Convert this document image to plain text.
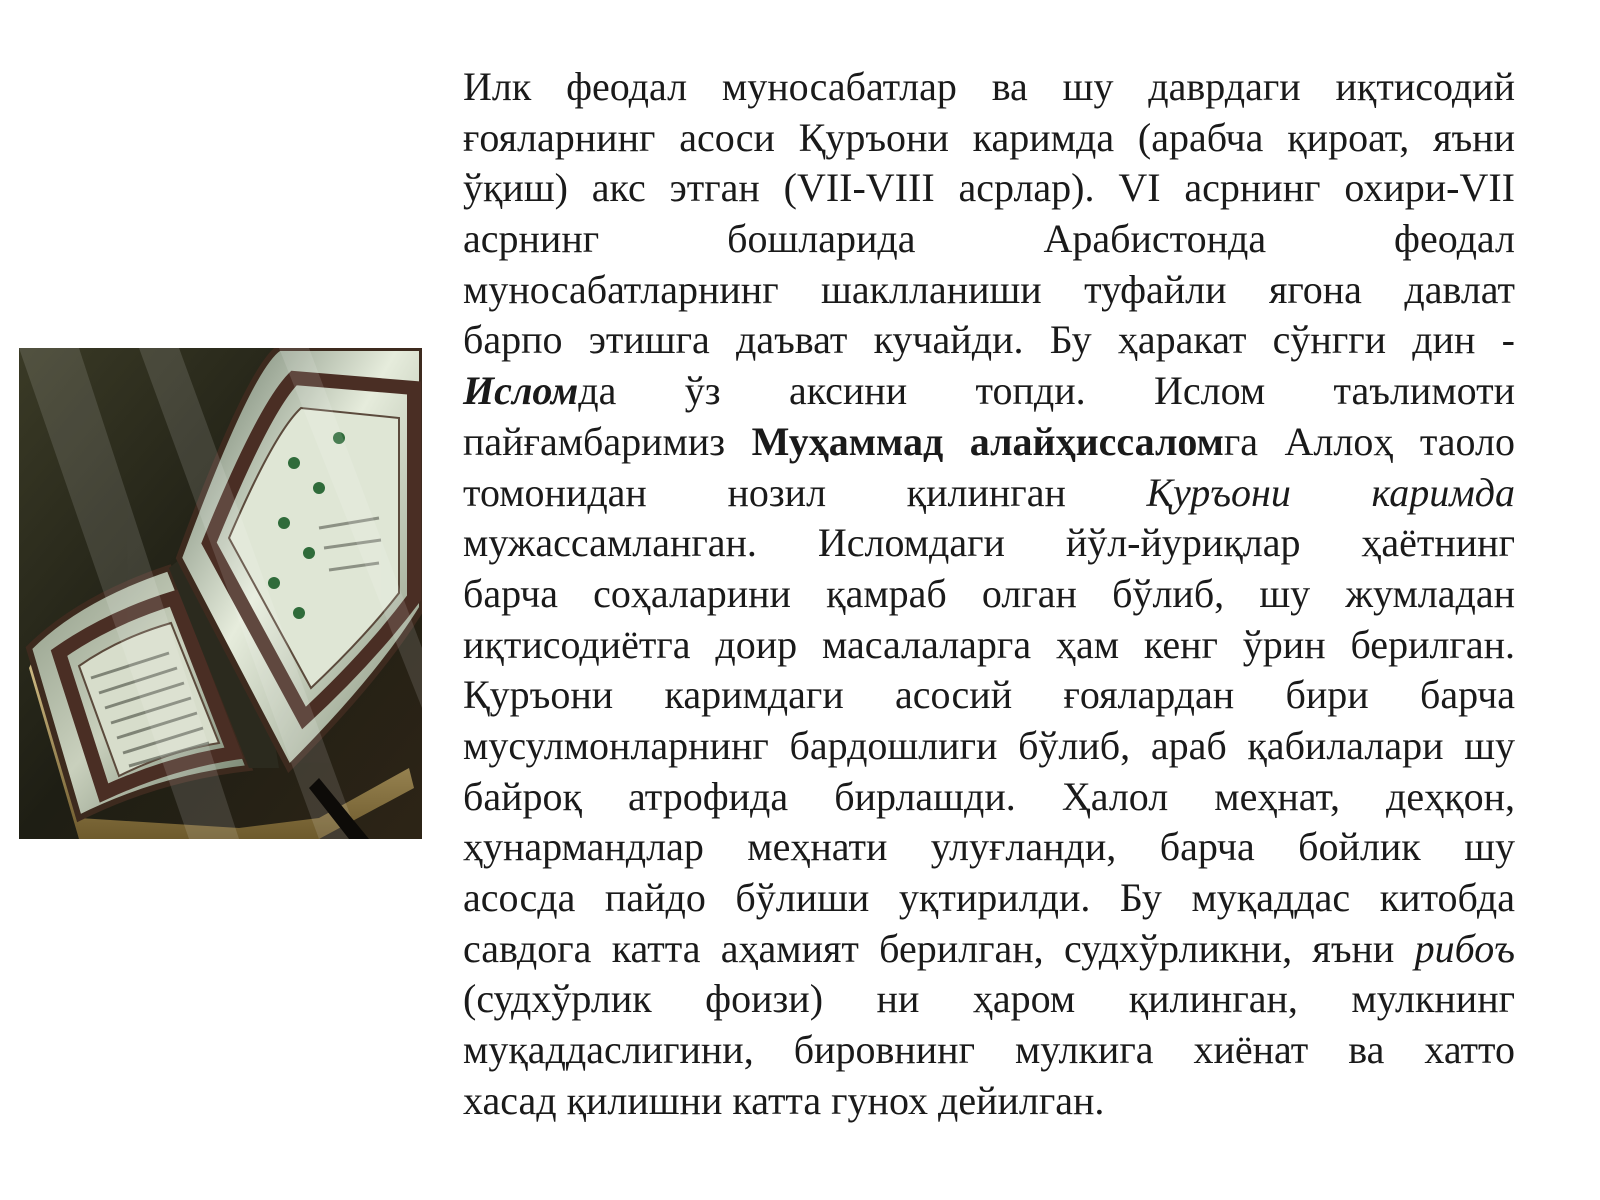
Илк феодал муносабатлар ва шу даврдаги иқтисодий
ғояларнинг асоси Қуръони каримда (арабча қироат, яъни
ўқиш) акс этган (VII-VIII асрлар). VI асрнинг охири-VII
асрнинг бошларида Арабистонда феодал
муносабатларнинг шаклланиши туфайли ягона давлат
барпо этишга даъват кучайди. Бу ҳаракат сўнгги дин -
Исломда ўз аксини топди. Ислом таълимоти
пайғамбаримиз Муҳаммад алайҳиссаломга Аллоҳ таоло
томонидан нозил қилинган Қуръони каримда
мужассамланган. Исломдаги йўл-йуриқлар ҳаётнинг
барча соҳаларини қамраб олган бўлиб, шу жумладан
иқтисодиётга доир масалаларга ҳам кенг ўрин берилган.
Қуръони каримдаги асосий ғоялардан бири барча
мусулмонларнинг бардошлиги бўлиб, араб қабилалари шу
байроқ атрофида бирлашди. Ҳалол меҳнат, деҳқон,
ҳунармандлар меҳнати улуғланди, барча бойлик шу
асосда пайдо бўлиши уқтирилди. Бу муқаддас китобда
савдога катта аҳамият берилган, судхўрликни, яъни рибоъ
(судхўрлик фоизи) ни ҳаром қилинган, мулкнинг
муқаддаслигини, бировнинг мулкига хиёнат ва хатто
хасад қилишни катта гунох дейилган.
